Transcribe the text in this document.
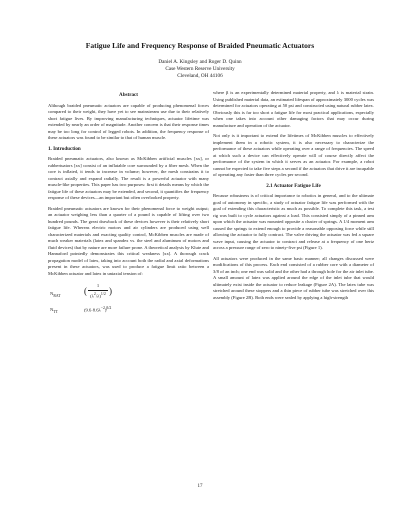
Fatigue Life and Frequency Response of Braided Pneumatic Actuators
Daniel A. Kingsley and Roger D. Quinn
Case Western Reserve University
Cleveland, OH 44106
Abstract

Although braided pneumatic actuators are capable of producing phenomenal forces compared to their weight, they have yet to see mainstream use due to their relatively short fatigue lives. By improving manufacturing techniques, actuator lifetime was extended by nearly an order of magnitude. Another concern is that their response times may be too long for control of legged robots. In addition, the frequency response of these actuators was found to be similar to that of human muscle.

1. Introduction

Braided pneumatic actuators, also known as McKibben artificial muscles [xx], or rubbertuators [xx] consist of an inflatable core surrounded by a fiber mesh. When the core is inflated, it tends to increase in volume; however, the mesh constrains it to contract axially and expand radially. The result is a powerful actuator with many muscle-like properties. This paper has two purposes: first it details means by which the fatigue life of these actuators may be extended, and second, it quantifies the frequency response of these devices—an important but often overlooked property.

Braided pneumatic actuators are known for their phenomenal force to weight output; an actuator weighing less than a quarter of a pound is capable of lifting over two hundred pounds. The great drawback of these devices however is their relatively short fatigue life. Whereas electric motors and air cylinders are produced using well characterized materials and exacting quality control, McKibben muscles are made of much weaker materials (latex and spandex vs. the steel and aluminum of motors and fluid devices) that by nature are more failure prone. A theoretical analysis by Klute and Hannaford pointedly demonstrates this critical weakness [xx]. A thorough crack propagation model of latex, taking into account both the radial and axial deformations present in these actuators, was used to produce a fatigue limit ratio between a McKibben actuator and latex in uniaxial tension of:

$N_{RAT}$
$N_{TT}$
( $\frac{1}{(\lambda^2/\lambda)^{1/2}}$ )
$(9.6\cdot 8.6\lambda^{-2})^{\beta/2}$

where β is an experimentally determined material property, and λ is material strain. Using published material data, an estimated lifespan of approximately 3000 cycles was determined for actuators operating at 50 psi and constructed using natural rubber latex. Obviously this is far too short a fatigue life for most practical applications, especially when one takes into account other damaging factors that may occur during manufacture and operation of the actuator.

Not only is it important to extend the lifetimes of McKibben muscles to effectively implement them in a robotic system, it is also necessary to characterize the performance of these actuators while operating over a range of frequencies. The speed at which such a device can effectively operate will of course directly affect the performance of the system in which it serves as an actuator. For example, a robot cannot be expected to take five steps a second if the actuators that drive it are incapable of operating any faster than three cycles per second.

2.1 Actuator Fatigue Life

Because robustness is of critical importance to robotics in general, and to the ultimate goal of autonomy in specific, a study of actuator fatigue life was performed with the goal of extending this characteristic as much as possible. To complete this task, a test rig was built to cycle actuators against a load. This consisted simply of a pinned arm upon which the actuator was mounted opposite a cluster of springs. A 1/4 moment arm caused the springs to extend enough to provide a reasonable opposing force while still allowing the actuator to fully contract. The valve driving the actuator was fed a square wave input, causing the actuator to contract and release at a frequency of one hertz across a pressure range of zero to ninety-five psi (Figure 1).

All actuators were produced in the same basic manner; all changes discussed were modifications of this process. Each end consisted of a rubber core with a diameter of 3/8 of an inch; one end was solid and the other had a through hole for the air inlet tube. A small amount of latex was applied around the edge of the inlet tube that would ultimately exist inside the actuator to reduce leakage (Figure 2A). The latex tube was stretched around these stoppers and a thin piece of rubber tube was stretched over this assembly (Figure 2B). Both ends were sealed by applying a high-strength

17
